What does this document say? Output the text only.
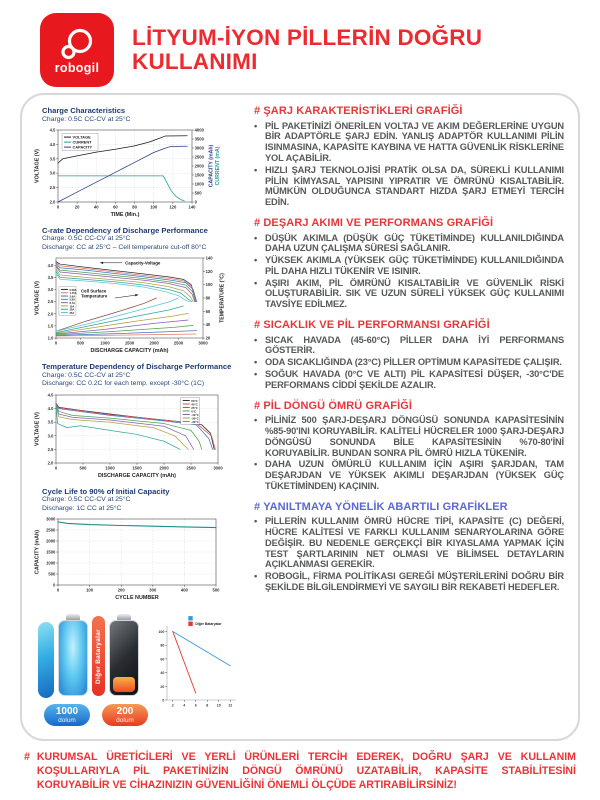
robogil
LİTYUM-İYON PİLLERİN DOĞRU KULLANIMI
Charge Characteristics
Charge: 0.5C CC-CV at 25°C
0	20	40	60	80	100	120	140
2.0
2.5
3.0
3.5
4.0
4.5
0
500
1000
1500
2000
2500
3000
3500
4000
TIME (Min.)
VOLTAGE (V)	CAPACITY (mAh) CURRENT (mA)
VOLTAGE
CURRENT
CAPACITY
C-rate Dependency of Discharge Performance
Charge: 0.5C CC-CV at 25°C
Discharge: CC at 25°C – Cell temperature cut-off 80°C
0	500	1000	1500	2000	2500	3000
1.0
1.5
2.0
2.5
3.0
3.5
4.0
20
40
60
80
100
120
140
DISCHARGE CAPACITY (mAh)
VOLTAGE (V)	TEMPERATURE (°C)
0.58A
1.45A
2.9A
5.8A
8.7A
15A
20A
25A
Capacity-Voltage
Cell Surface
Temperature
Temperature Dependency of Discharge Performance
Charge: 0.5C CC-CV at 25°C
Discharge: CC 0.2C for each temp. except -30°C (1C)
0	500	1000	1500	2000	2500	3000
2.0
2.5
3.0
3.5
4.0
4.5
DISCHARGE CAPACITY (mAh)
VOLTAGE (V)
60°C
45°C
25°C
0°C
-10°C
-20°C
-30°C
Cycle Life to 90% of Initial Capacity
Charge: 0.5C CC-CV at 25°C
Discharge: 1C CC at 25°C
0	100	200	300	400	500
0
500
1000
1500
2000
2500
3000
CYCLE NUMBER
CAPACITY (mAh)
Diğer Bataryalar
1000
dolum
200
dolum
2	4	6	8 10 12
0
20
40
60
80
100
Diğer Bataryalar
# ŞARJ KARAKTERİSTİKLERİ GRAFİĞİ
• PİL PAKETİNİZİ ÖNERİLEN VOLTAJ VE AKIM DEĞERLERİNE UYGUN BİR ADAPTÖRLE ŞARJ EDİN. YANLIŞ ADAPTÖR KULLANIMI PİLİN ISINMASINA, KAPASİTE KAYBINA VE HATTA GÜVENLİK RİSKLERİNE YOL AÇABİLİR.

• HIZLI ŞARJ TEKNOLOJİSİ PRATİK OLSA DA, SÜREKLİ KULLANIMI PİLİN KİMYASAL YAPISINI YIPRATIR VE ÖMRÜNÜ KISALTABİLİR. MÜMKÜN OLDUĞUNCA STANDART HIZDA ŞARJ ETMEYİ TERCİH EDİN.

# DEŞARJ AKIMI VE PERFORMANS GRAFİĞİ
• DÜŞÜK AKIMLA (DÜŞÜK GÜÇ TÜKETİMİNDE) KULLANILDIĞINDA DAHA UZUN ÇALIŞMA SÜRESİ SAĞLANIR.

• YÜKSEK AKIMLA (YÜKSEK GÜÇ TÜKETİMİNDE) KULLANILDIĞINDA PİL DAHA HIZLI TÜKENİR VE ISINIR.

• AŞIRI AKIM, PİL ÖMRÜNÜ KISALTABİLİR VE GÜVENLİK RİSKİ OLUŞTURABİLİR. SIK VE UZUN SÜRELİ YÜKSEK GÜÇ KULLANIMI TAVSİYE EDİLMEZ.

# SICAKLIK VE PİL PERFORMANSI GRAFİĞİ
• SICAK HAVADA (45-60°C) PİLLER DAHA İYİ PERFORMANS GÖSTERİR.

• ODA SICAKLIĞINDA (23°C) PİLLER OPTİMUM KAPASİTEDE ÇALIŞIR.

• SOĞUK HAVADA (0°C VE ALTI) PİL KAPASİTESİ DÜŞER, -30°C'DE PERFORMANS CİDDİ ŞEKİLDE AZALIR.

# PİL DÖNGÜ ÖMRÜ GRAFİĞİ
• PİLİNİZ 500 ŞARJ-DEŞARJ DÖNGÜSÜ SONUNDA KAPASİTESİNİN %85-90'INI KORUYABİLİR. KALİTELİ HÜCRELER 1000 ŞARJ-DEŞARJ DÖNGÜSÜ SONUNDA BİLE KAPASİTESİNİN %70-80'İNİ KORUYABİLİR. BUNDAN SONRA PİL ÖMRÜ HIZLA TÜKENİR.

• DAHA UZUN ÖMÜRLÜ KULLANIM İÇİN AŞIRI ŞARJDAN, TAM DEŞARJDAN VE YÜKSEK AKIMLI DEŞARJDAN (YÜKSEK GÜÇ TÜKETİMİNDEN) KAÇININ.

# YANILTMAYA YÖNELİK ABARTILI GRAFİKLER
• PİLLERİN KULLANIM ÖMRÜ HÜCRE TİPİ, KAPASİTE (C) DEĞERİ, HÜCRE KALİTESİ VE FARKLI KULLANIM SENARYOLARINA GÖRE DEĞİŞİR. BU NEDENLE GERÇEKÇİ BİR KIYASLAMA YAPMAK İÇİN TEST ŞARTLARININ NET OLMASI VE BİLİMSEL DETAYLARIN AÇIKLANMASI GEREKİR.

• ROBOGİL, FİRMA POLİTİKASI GEREĞİ MÜŞTERİLERİNİ DOĞRU BİR ŞEKİLDE BİLGİLENDİRMEYİ VE SAYGILI BİR REKABETİ HEDEFLER.

# KURUMSAL ÜRETİCİLERİ VE YERLİ ÜRÜNLERİ TERCİH EDEREK, DOĞRU ŞARJ VE KULLANIM KOŞULLARIYLA PİL PAKETİNİZİN DÖNGÜ ÖMRÜNÜ UZATABİLİR, KAPASİTE STABİLİTESİNİ KORUYABİLİR VE CİHAZINIZIN GÜVENLİĞİNİ ÖNEMLİ ÖLÇÜDE ARTIRABİLİRSİNİZ!
